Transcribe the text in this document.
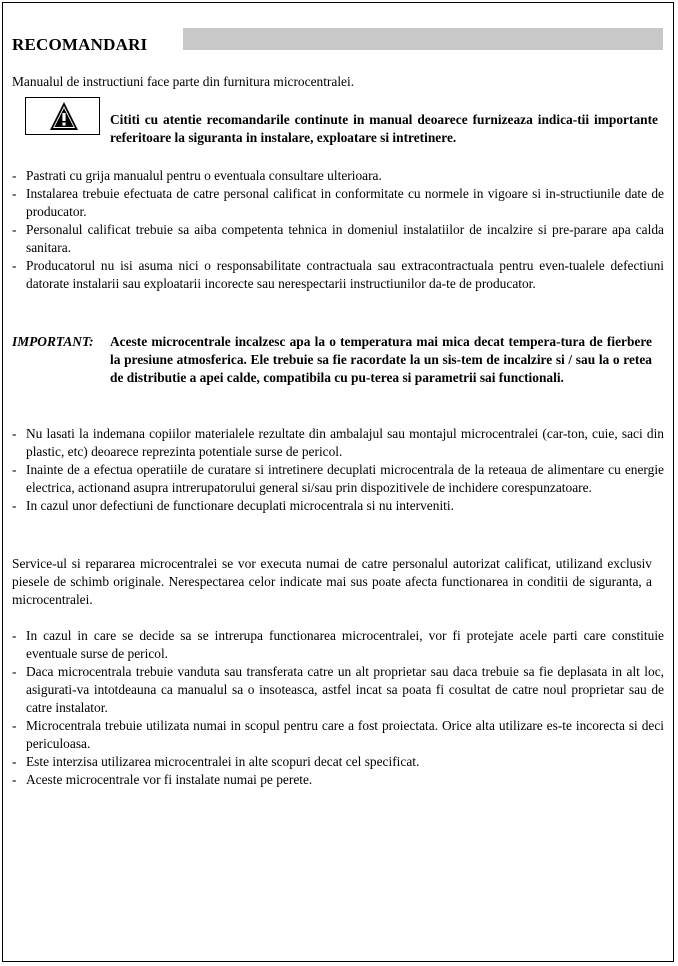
RECOMANDARI
Manualul de instructiuni face parte din furnitura microcentralei.
Cititi cu atentie recomandarile continute in manual deoarece furnizeaza indica-tii importante referitoare la siguranta in instalare, exploatare si intretinere.
- Pastrati cu grija manualul pentru o eventuala consultare ulterioara.
- Instalarea trebuie efectuata de catre personal calificat in conformitate cu normele in vigoare si in-structiunile date de producator.
- Personalul calificat trebuie sa aiba competenta tehnica in domeniul instalatiilor de incalzire si pre-parare apa calda sanitara.
- Producatorul nu isi asuma nici o responsabilitate contractuala sau extracontractuala pentru even-tualele defectiuni datorate instalarii sau exploatarii incorecte sau nerespectarii instructiunilor da-te de producator.
Aceste microcentrale incalzesc apa la o temperatura mai mica decat tempera-tura de fierbere la presiune atmosferica. Ele trebuie sa fie racordate la un sis-tem de incalzire si / sau la o retea de distributie a apei calde, compatibila cu pu-terea si parametrii sai functionali.
IMPORTANT:
- Nu lasati la indemana copiilor materialele rezultate din ambalajul sau montajul microcentralei (car-ton, cuie, saci din plastic, etc) deoarece reprezinta potentiale surse de pericol.
- Inainte de a efectua operatiile de curatare si intretinere decuplati microcentrala de la reteaua de alimentare cu energie electrica, actionand asupra intrerupatorului general si/sau prin dispozitivele de inchidere corespunzatoare.
- In cazul unor defectiuni de functionare decuplati microcentrala si nu interveniti.
Service-ul si repararea microcentralei se vor executa numai de catre personalul autorizat calificat, utilizand exclusiv piesele de schimb originale. Nerespectarea celor indicate mai sus poate afecta functionarea in conditii de siguranta, a microcentralei.
- In cazul in care se decide sa se intrerupa functionarea microcentralei, vor fi protejate acele parti care constituie eventuale surse de pericol.
- Daca microcentrala trebuie vanduta sau transferata catre un alt proprietar sau daca trebuie sa fie deplasata in alt loc, asigurati-va intotdeauna ca manualul sa o insoteasca, astfel incat sa poata fi cosultat de catre noul proprietar sau de catre instalator.
- Microcentrala trebuie utilizata numai in scopul pentru care a fost proiectata. Orice alta utilizare es-te incorecta si deci periculoasa.
- Este interzisa utilizarea microcentralei in alte scopuri decat cel specificat.
- Aceste microcentrale vor fi instalate numai pe perete.
